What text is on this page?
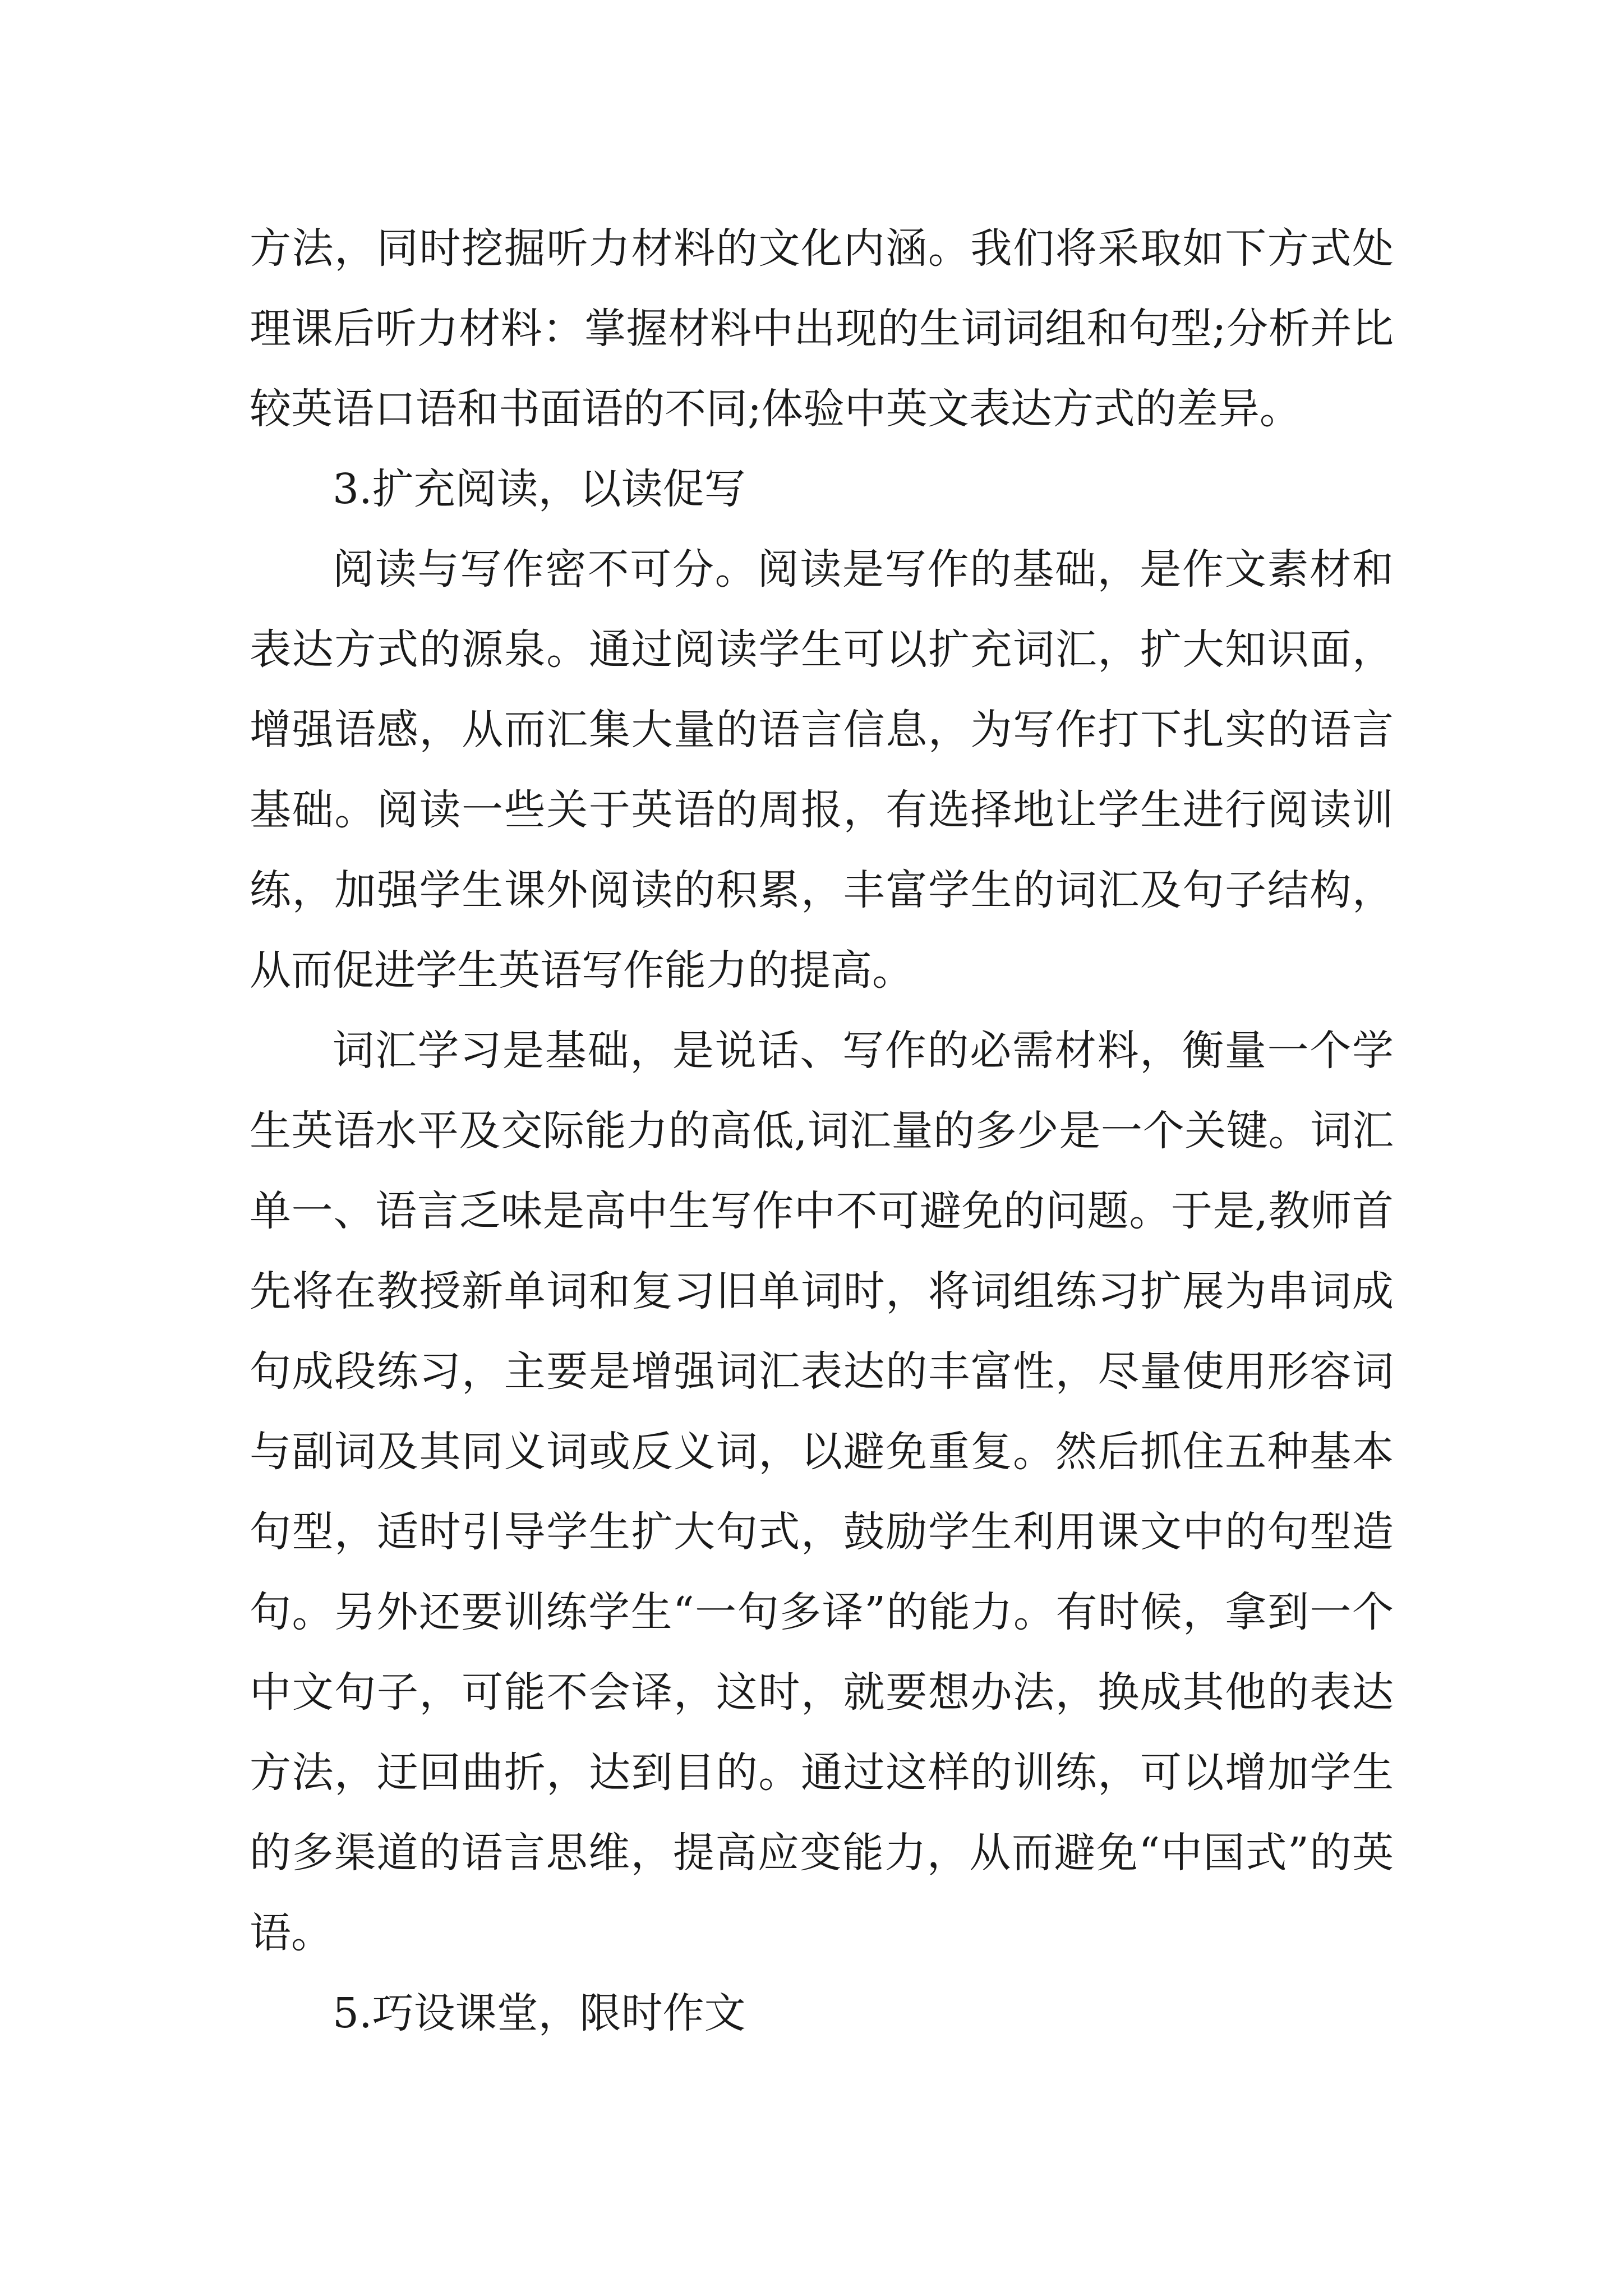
方法，同时挖掘听力材料的文化内涵。我们将采取如下方式处理课后听力材料：掌握材料中出现的生词词组和句型;分析并比较英语口语和书面语的不同;体验中英文表达方式的差异。

3.扩充阅读，以读促写

阅读与写作密不可分。阅读是写作的基础，是作文素材和表达方式的源泉。通过阅读学生可以扩充词汇，扩大知识面，增强语感，从而汇集大量的语言信息，为写作打下扎实的语言基础。阅读一些关于英语的周报，有选择地让学生进行阅读训练，加强学生课外阅读的积累，丰富学生的词汇及句子结构，从而促进学生英语写作能力的提高。

词汇学习是基础，是说话、写作的必需材料，衡量一个学生英语水平及交际能力的高低,词汇量的多少是一个关键。词汇单一、语言乏味是高中生写作中不可避免的问题。于是,教师首先将在教授新单词和复习旧单词时，将词组练习扩展为串词成句成段练习，主要是增强词汇表达的丰富性，尽量使用形容词与副词及其同义词或反义词，以避免重复。然后抓住五种基本句型，适时引导学生扩大句式，鼓励学生利用课文中的句型造句。另外还要训练学生“一句多译”的能力。有时候，拿到一个中文句子，可能不会译，这时，就要想办法，换成其他的表达方法，迂回曲折，达到目的。通过这样的训练，可以增加学生的多渠道的语言思维，提高应变能力，从而避免“中国式”的英语。

5.巧设课堂，限时作文
